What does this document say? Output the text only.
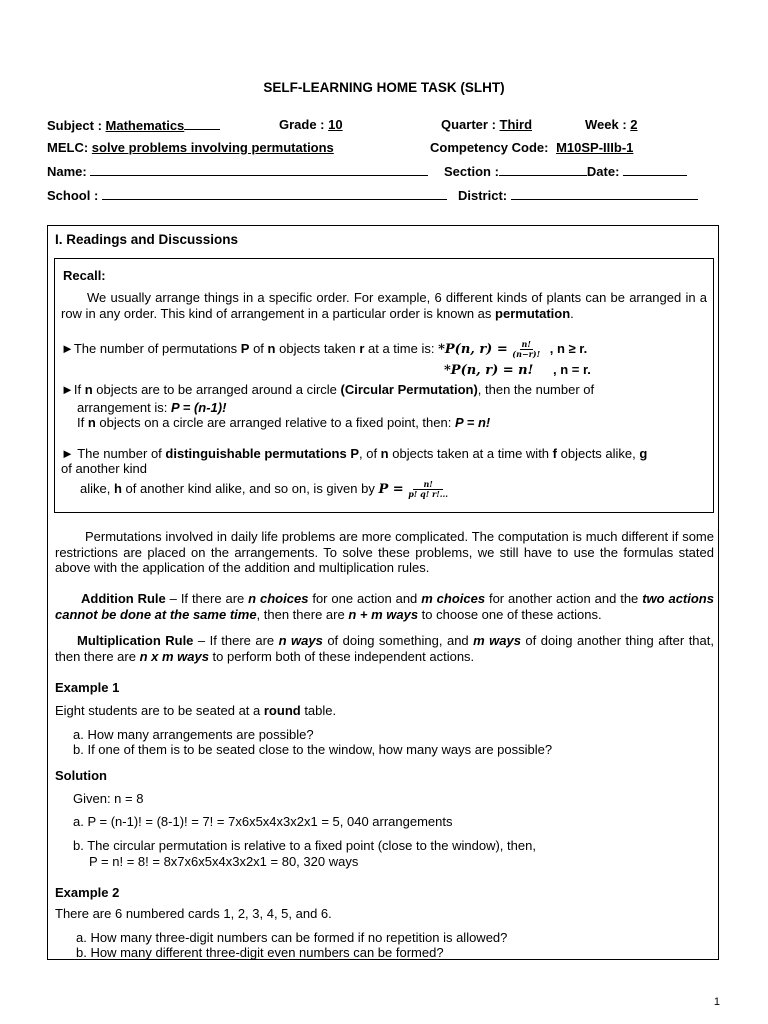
SELF-LEARNING HOME TASK (SLHT)
Subject : Mathematics	Grade : 10	Quarter : Third	Week : 2
MELC: solve problems involving permutations	Competency Code: M10SP-IIIb-1
Name:	Section :	Date:
School :	District:
I. Readings and Discussions
Recall:
We usually arrange things in a specific order. For example, 6 different kinds of plants can be arranged in a row in any order. This kind of arrangement in a particular order is known as permutation.
►The number of permutations P of n objects taken r at a time is: *P(n, $r) = \frac{n!}{(n-r)!}$ , n ≥ r.
*P(n, r) = n! , n = r.
►If n objects are to be arranged around a circle (Circular Permutation), then the number of
arrangement is: P = (n-1)!
If n objects on a circle are arranged relative to a fixed point, then: P = n!
► The number of distinguishable permutations P, of n objects taken at a time with f objects alike, g
of another kind
alike, h of another kind alike, and so on, is given by $P = \frac{n!}{p! q! r!...}$
Permutations involved in daily life problems are more complicated. The computation is much different if some restrictions are placed on the arrangements. To solve these problems, we still have to use the formulas stated above with the application of the addition and multiplication rules.
Addition Rule – If there are n choices for one action and m choices for another action and the two actions cannot be done at the same time, then there are n + m ways to choose one of these actions.
Multiplication Rule – If there are n ways of doing something, and m ways of doing another thing after that, then there are n x m ways to perform both of these independent actions.
Example 1
Eight students are to be seated at a round table.
a. How many arrangements are possible?
b. If one of them is to be seated close to the window, how many ways are possible?
Solution
Given: n = 8
a. P = (n-1)! = (8-1)! = 7! = 7x6x5x4x3x2x1 = 5, 040 arrangements
b. The circular permutation is relative to a fixed point (close to the window), then,
P = n! = 8! = 8x7x6x5x4x3x2x1 = 80, 320 ways
Example 2
There are 6 numbered cards 1, 2, 3, 4, 5, and 6.
a. How many three-digit numbers can be formed if no repetition is allowed?
b. How many different three-digit even numbers can be formed?
1
